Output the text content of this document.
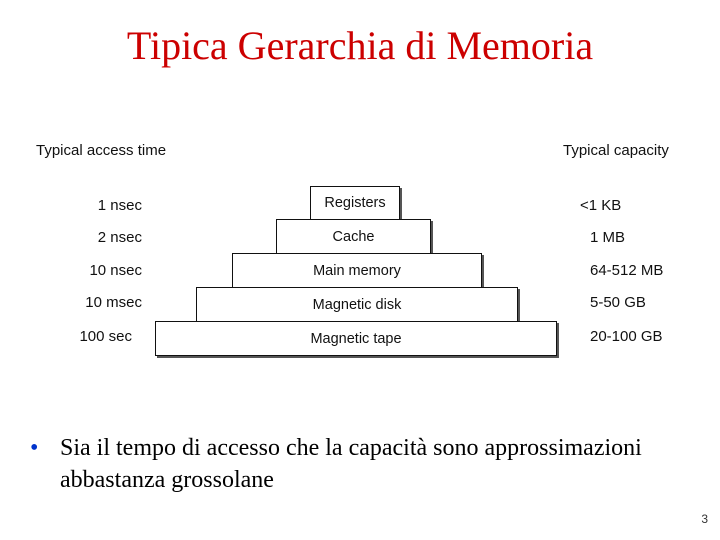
Tipica Gerarchia di Memoria
Typical access time	Typical capacity
1 nsec	Registers	<1 KB
2 nsec	Cache	1 MB
10 nsec	Main memory	64-512 MB
10 msec	Magnetic disk	5-50 GB
100 sec	Magnetic tape	20-100 GB
• Sia il tempo di accesso che la capacità sono approssimazioni abbastanza grossolane
3
